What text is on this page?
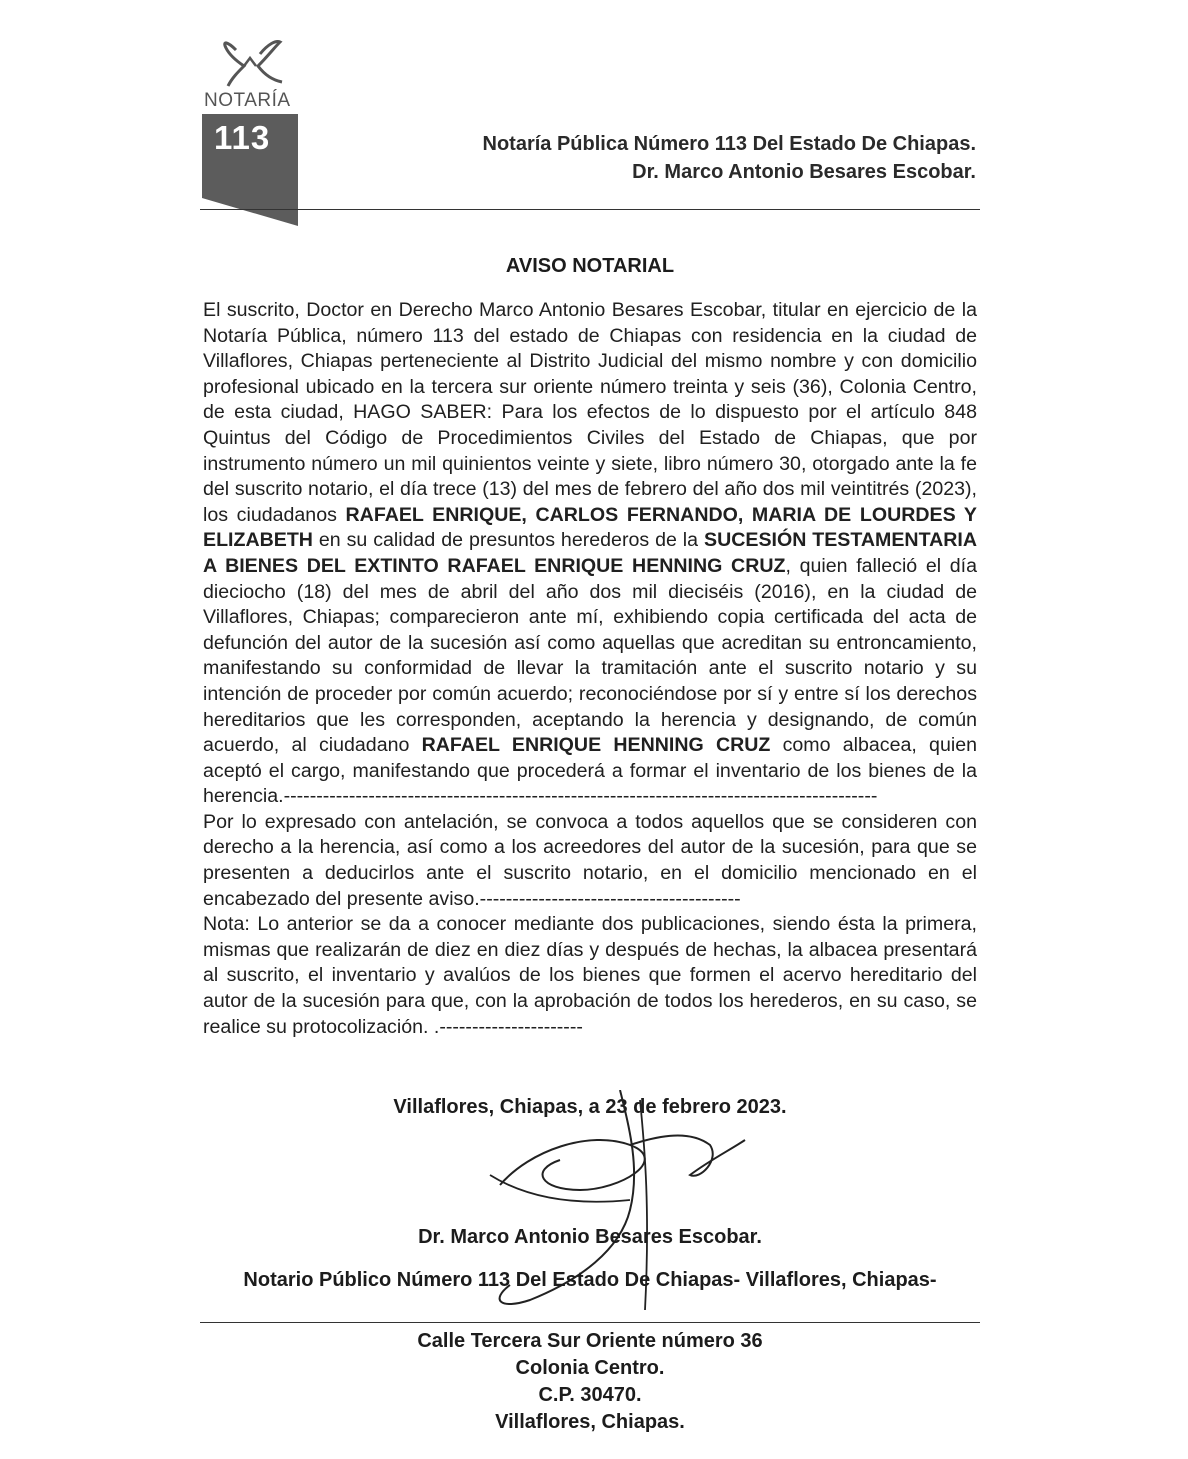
NOTARÍA
113	Notaría Pública Número 113 Del Estado De Chiapas.
Dr. Marco Antonio Besares Escobar.
AVISO NOTARIAL

El suscrito, Doctor en Derecho Marco Antonio Besares Escobar, titular en ejercicio de la Notaría Pública, número 113 del estado de Chiapas con residencia en la ciudad de Villaflores, Chiapas perteneciente al Distrito Judicial del mismo nombre y con domicilio profesional ubicado en la tercera sur oriente número treinta y seis (36), Colonia Centro, de esta ciudad, HAGO SABER: Para los efectos de lo dispuesto por el artículo 848 Quintus del Código de Procedimientos Civiles del Estado de Chiapas, que por instrumento número un mil quinientos veinte y siete, libro número 30, otorgado ante la fe del suscrito notario, el día trece (13) del mes de febrero del año dos mil veintitrés (2023), los ciudadanos RAFAEL ENRIQUE, CARLOS FERNANDO, MARIA DE LOURDES Y ELIZABETH en su calidad de presuntos herederos de la SUCESIÓN TESTAMENTARIA A BIENES DEL EXTINTO RAFAEL ENRIQUE HENNING CRUZ, quien falleció el día dieciocho (18) del mes de abril del año dos mil dieciséis (2016), en la ciudad de Villaflores, Chiapas; comparecieron ante mí, exhibiendo copia certificada del acta de defunción del autor de la sucesión así como aquellas que acreditan su entroncamiento, manifestando su conformidad de llevar la tramitación ante el suscrito notario y su intención de proceder por común acuerdo; reconociéndose por sí y entre sí los derechos hereditarios que les corresponden, aceptando la herencia y designando, de común acuerdo, al ciudadano RAFAEL ENRIQUE HENNING CRUZ como albacea, quien aceptó el cargo, manifestando que procederá a formar el inventario de los bienes de la herencia.-------------------------------------------------------------------------------------------

Por lo expresado con antelación, se convoca a todos aquellos que se consideren con derecho a la herencia, así como a los acreedores del autor de la sucesión, para que se presenten a deducirlos ante el suscrito notario, en el domicilio mencionado en el encabezado del presente aviso.----------------------------------------

Nota: Lo anterior se da a conocer mediante dos publicaciones, siendo ésta la primera, mismas que realizarán de diez en diez días y después de hechas, la albacea presentará al suscrito, el inventario y avalúos de los bienes que formen el acervo hereditario del autor de la sucesión para que, con la aprobación de todos los herederos, en su caso, se realice su protocolización. .----------------------

Villaflores, Chiapas, a 23 de febrero 2023.
Dr. Marco Antonio Besares Escobar.
Notario Público Número 113 Del Estado De Chiapas- Villaflores, Chiapas-
Calle Tercera Sur Oriente número 36
Colonia Centro.
C.P. 30470.
Villaflores, Chiapas.
